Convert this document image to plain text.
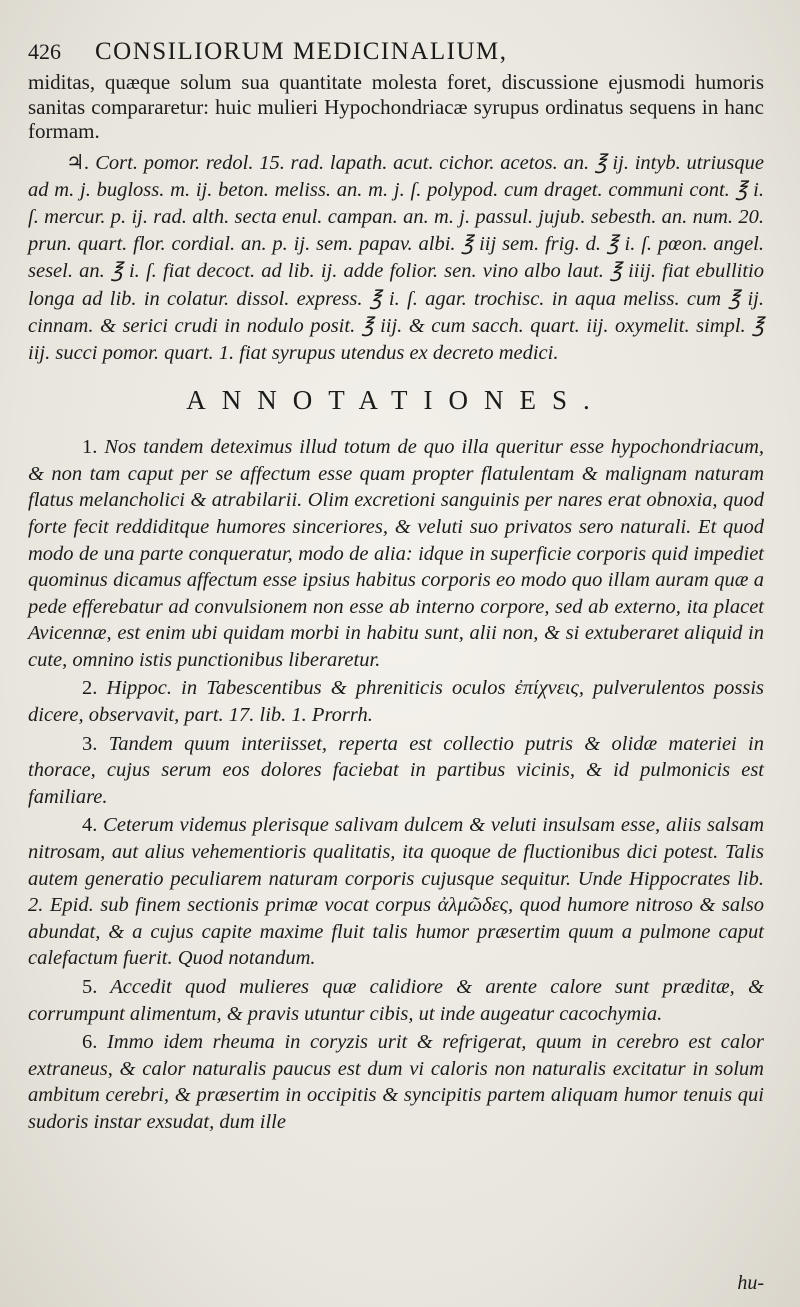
426 CONSILIORUM MEDICINALIUM,

miditas, quæque solum sua quantitate molesta foret, discussione ejusmodi humoris sanitas compararetur: huic mulieri Hypochondriacæ syrupus ordinatus sequens in hanc formam.

♃. Cort. pomor. redol. 15. rad. lapath. acut. cichor. acetos. an. ℥ ij. intyb. utriusque ad m. j. bugloss. m. ij. beton. meliss. an. m. j. ſ. polypod. cum draget. communi cont. ℥ i. ſ. mercur. p. ij. rad. alth. secta enul. campan. an. m. j. passul. jujub. sebesth. an. num. 20. prun. quart. flor. cordial. an. p. ij. sem. papav. albi. ℥ iij sem. frig. d. ℥ i. ſ. pœon. angel. sesel. an. ℥ i. ſ. fiat decoct. ad lib. ij. adde folior. sen. vino albo laut. ℥ iiij. fiat ebullitio longa ad lib. in colatur. dissol. express. ℥ i. ſ. agar. trochisc. in aqua meliss. cum ℥ ij. cinnam. & serici crudi in nodulo posit. ℥ iij. & cum sacch. quart. iij. oxymelit. simpl. ℥ iij. succi pomor. quart. 1. fiat syrupus utendus ex decreto medici.

ANNOTATIONES.

1. Nos tandem deteximus illud totum de quo illa queritur esse hypochondriacum, & non tam caput per se affectum esse quam propter flatulentam & malignam naturam flatus melancholici & atrabilarii. Olim excretioni sanguinis per nares erat obnoxia, quod forte fecit reddiditque humores sinceriores, & veluti suo privatos sero naturali. Et quod modo de una parte conqueratur, modo de alia: idque in superficie corporis quid impediet quominus dicamus affectum esse ipsius habitus corporis eo modo quo illam auram quæ a pede efferebatur ad convulsionem non esse ab interno corpore, sed ab externo, ita placet Avicennæ, est enim ubi quidam morbi in habitu sunt, alii non, & si extuberaret aliquid in cute, omnino istis punctionibus liberaretur.

2. Hippoc. in Tabescentibus & phreniticis oculos ἐπίχνεις, pulverulentos possis dicere, observavit, part. 17. lib. 1. Prorrh.

3. Tandem quum interiisset, reperta est collectio putris & olidæ materiei in thorace, cujus serum eos dolores faciebat in partibus vicinis, & id pulmonicis est familiare.

4. Ceterum videmus plerisque salivam dulcem & veluti insulsam esse, aliis salsam nitrosam, aut alius vehementioris qualitatis, ita quoque de fluctionibus dici potest. Talis autem generatio peculiarem naturam corporis cujusque sequitur. Unde Hippocrates lib. 2. Epid. sub finem sectionis primæ vocat corpus ἀλμῶδες, quod humore nitroso & salso abundat, & a cujus capite maxime fluit talis humor præsertim quum a pulmone caput calefactum fuerit. Quod notandum.

5. Accedit quod mulieres quæ calidiore & arente calore sunt præditæ, & corrumpunt alimentum, & pravis utuntur cibis, ut inde augeatur cacochymia.

6. Immo idem rheuma in coryzis urit & refrigerat, quum in cerebro est calor extraneus, & calor naturalis paucus est dum vi caloris non naturalis excitatur in solum ambitum cerebri, & præsertim in occipitis & syncipitis partem aliquam humor tenuis qui sudoris instar exsudat, dum ille

hu-
